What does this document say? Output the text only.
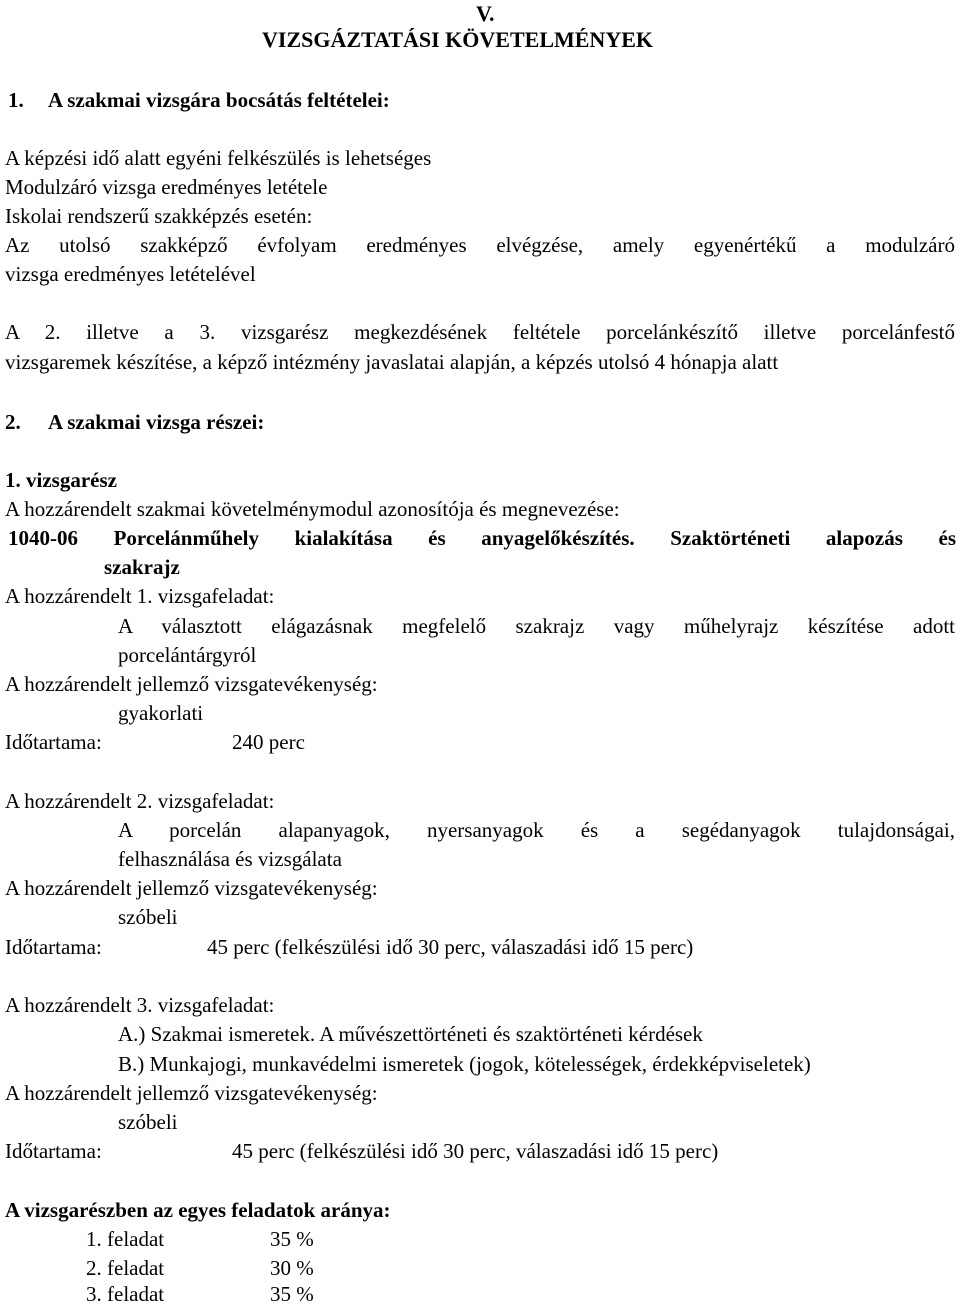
V.
VIZSGÁZTATÁSI KÖVETELMÉNYEK
1. A szakmai vizsgára bocsátás feltételei:
A képzési idő alatt egyéni felkészülés is lehetséges
Modulzáró vizsga eredményes letétele
Iskolai rendszerű szakképzés esetén:
Az utolsó szakképző évfolyam eredményes elvégzése, amely egyenértékű a modulzáró
vizsga eredményes letételével
A 2. illetve a 3. vizsgarész megkezdésének feltétele porcelánkészítő illetve porcelánfestő
vizsgaremek készítése, a képző intézmény javaslatai alapján, a képzés utolsó 4 hónapja alatt
2. A szakmai vizsga részei:
1. vizsgarész
A hozzárendelt szakmai követelménymodul azonosítója és megnevezése:
1040-06 Porcelánműhely kialakítása és anyagelőkészítés. Szaktörténeti alapozás és
szakrajz
A hozzárendelt 1. vizsgafeladat:
A választott elágazásnak megfelelő szakrajz vagy műhelyrajz készítése adott
porcelántárgyról
A hozzárendelt jellemző vizsgatevékenység:
gyakorlati
Időtartama:	240 perc
A hozzárendelt 2. vizsgafeladat:
A porcelán alapanyagok, nyersanyagok és a segédanyagok tulajdonságai,
felhasználása és vizsgálata
A hozzárendelt jellemző vizsgatevékenység:
szóbeli
Időtartama:	45 perc (felkészülési idő 30 perc, válaszadási idő 15 perc)
A hozzárendelt 3. vizsgafeladat:
A.) Szakmai ismeretek. A művészettörténeti és szaktörténeti kérdések
B.) Munkajogi, munkavédelmi ismeretek (jogok, kötelességek, érdekképviseletek)
A hozzárendelt jellemző vizsgatevékenység:
szóbeli
Időtartama:	45 perc (felkészülési idő 30 perc, válaszadási idő 15 perc)
A vizsgarészben az egyes feladatok aránya:
1. feladat	35 %
2. feladat	30 %
3. feladat	35 %
